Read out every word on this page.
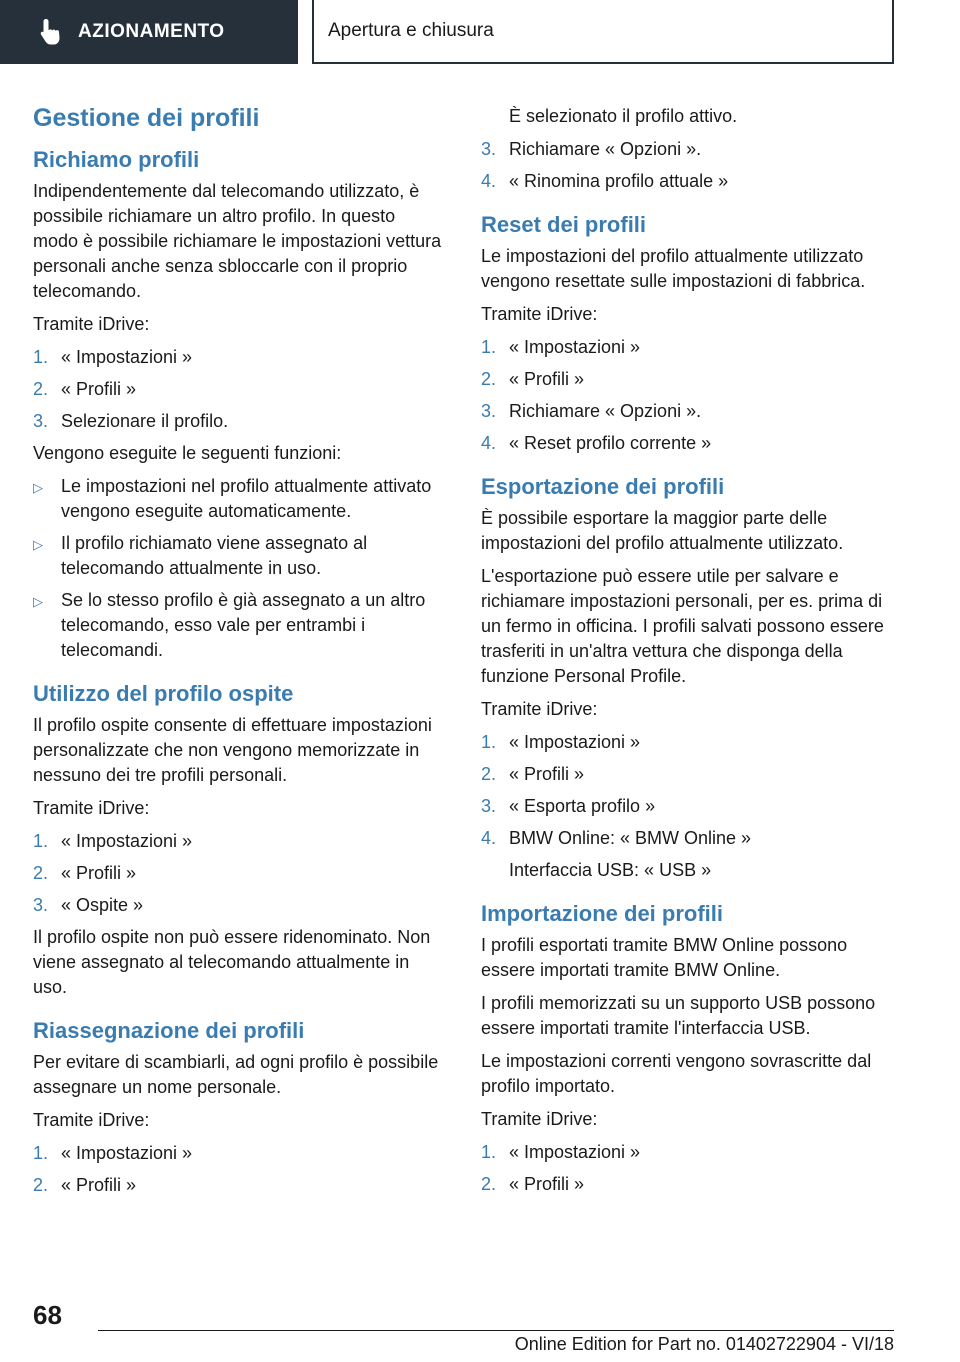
AZIONAMENTO	Apertura e chiusura
Gestione dei profili
Richiamo profili

Indipendentemente dal telecomando utilizzato, è possibile richiamare un altro profilo. In questo modo è possibile richiamare le impostazioni vettura personali anche senza sbloccarle con il proprio telecomando.

Tramite iDrive:

1. « Impostazioni »
2. « Profili »
3. Selezionare il profilo.

Vengono eseguite le seguenti funzioni:

▷	Le impostazioni nel profilo attualmente attivato vengono eseguite automaticamente.
▷	Il profilo richiamato viene assegnato al telecomando attualmente in uso.
▷	Se lo stesso profilo è già assegnato a un altro telecomando, esso vale per entrambi i telecomandi.
Utilizzo del profilo ospite

Il profilo ospite consente di effettuare impostazioni personalizzate che non vengono memorizzate in nessuno dei tre profili personali.

Tramite iDrive:

1. « Impostazioni »
2. « Profili »
3. « Ospite »

Il profilo ospite non può essere ridenominato. Non viene assegnato al telecomando attualmente in uso.

Riassegnazione dei profili

Per evitare di scambiarli, ad ogni profilo è possibile assegnare un nome personale.

Tramite iDrive:

1. « Impostazioni »
2. « Profili »

È selezionato il profilo attivo.

3. Richiamare « Opzioni ».
4. « Rinomina profilo attuale »
Reset dei profili

Le impostazioni del profilo attualmente utilizzato vengono resettate sulle impostazioni di fabbrica.

Tramite iDrive:

1. « Impostazioni »
2. « Profili »
3. Richiamare « Opzioni ».
4. « Reset profilo corrente »
Esportazione dei profili

È possibile esportare la maggior parte delle impostazioni del profilo attualmente utilizzato.

L'esportazione può essere utile per salvare e richiamare impostazioni personali, per es. prima di un fermo in officina. I profili salvati possono essere trasferiti in un'altra vettura che disponga della funzione Personal Profile.

Tramite iDrive:

1. « Impostazioni »
2. « Profili »
3. « Esporta profilo »
4. BMW Online: « BMW Online »

Interfaccia USB: « USB »

Importazione dei profili

I profili esportati tramite BMW Online possono essere importati tramite BMW Online.

I profili memorizzati su un supporto USB possono essere importati tramite l'interfaccia USB.

Le impostazioni correnti vengono sovrascritte dal profilo importato.

Tramite iDrive:

1. « Impostazioni »
2. « Profili »
68
Online Edition for Part no. 01402722904 - VI/18
